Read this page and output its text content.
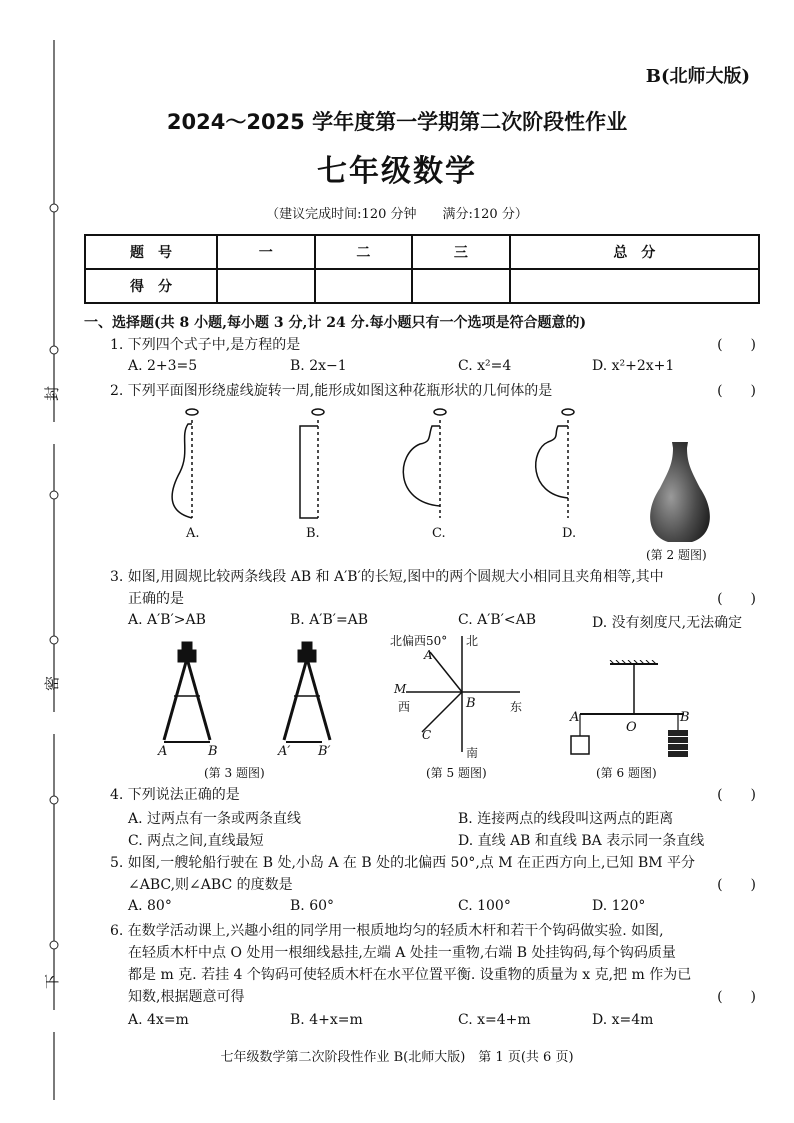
封
密
下
B(北师大版)
2024～2025 学年度第一学期第二次阶段性作业
七年级数学
（建议完成时间:120 分钟　　满分:120 分）
题　号	一	二	三	总　分
得　分				
一、选择题(共 8 小题,每小题 3 分,计 24 分.每小题只有一个选项是符合题意的)
1. 下列四个式子中,是方程的是	(　　)
A. 2+3=5	B. 2x−1	C. x²=4	D. x²+2x+1
2. 下列平面图形绕虚线旋转一周,能形成如图这种花瓶形状的几何体的是	(　　)
A.	B.	C.	D.
(第 2 题图)
3. 如图,用圆规比较两条线段 AB 和 A′B′的长短,图中的两个圆规大小相同且夹角相等,其中
正确的是	(　　)
A. A′B′>AB	B. A′B′=AB	C. A′B′<AB	D. 没有刻度尺,无法确定
A	B	A′ B′
(第 3 题图)
北偏西50° 北
A
M
西	B	东
C
南
(第 5 题图)
A
O
B
(第 6 题图)
4. 下列说法正确的是	(　　)
A. 过两点有一条或两条直线	B. 连接两点的线段叫这两点的距离
C. 两点之间,直线最短	D. 直线 AB 和直线 BA 表示同一条直线
5. 如图,一艘轮船行驶在 B 处,小岛 A 在 B 处的北偏西 50°,点 M 在正西方向上,已知 BM 平分
∠ABC,则∠ABC 的度数是	(　　)
A. 80°	B. 60°	C. 100°	D. 120°
6. 在数学活动课上,兴趣小组的同学用一根质地均匀的轻质木杆和若干个钩码做实验. 如图,
在轻质木杆中点 O 处用一根细线悬挂,左端 A 处挂一重物,右端 B 处挂钩码,每个钩码质量
都是 m 克. 若挂 4 个钩码可使轻质木杆在水平位置平衡. 设重物的质量为 x 克,把 m 作为已
知数,根据题意可得	(　　)
A. 4x=m	B. 4+x=m	C. x=4+m	D. x=4m
七年级数学第二次阶段性作业 B(北师大版)　第 1 页(共 6 页)
